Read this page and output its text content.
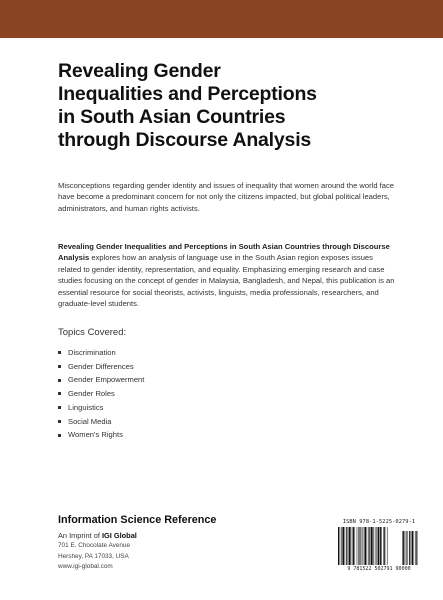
Revealing Gender
Inequalities and Perceptions
in South Asian Countries
through Discourse Analysis

Misconceptions regarding gender identity and issues of inequality that women around the world face have become a predominant concern for not only the citizens impacted, but global political leaders, administrators, and human rights activists.

Revealing Gender Inequalities and Perceptions in South Asian Countries through Discourse Analysis explores how an analysis of language use in the South Asian region exposes issues related to gender identity, representation, and equality. Emphasizing emerging research and case studies focusing on the concept of gender in Malaysia, Bangladesh, and Nepal, this publication is an essential resource for social theorists, activists, linguists, media professionals, researchers, and graduate-level students.

Topics Covered:

Discrimination
Gender Differences
Gender Empowerment
Gender Roles
Linguistics
Social Media
Women's Rights

Information Science Reference

An Imprint of IGI Global

701 E. Chocolate Avenue

Hershey, PA 17033, USA

www.igi-global.com

ISBN 978-1-5225-0279-1
9 781522 502791 90000
